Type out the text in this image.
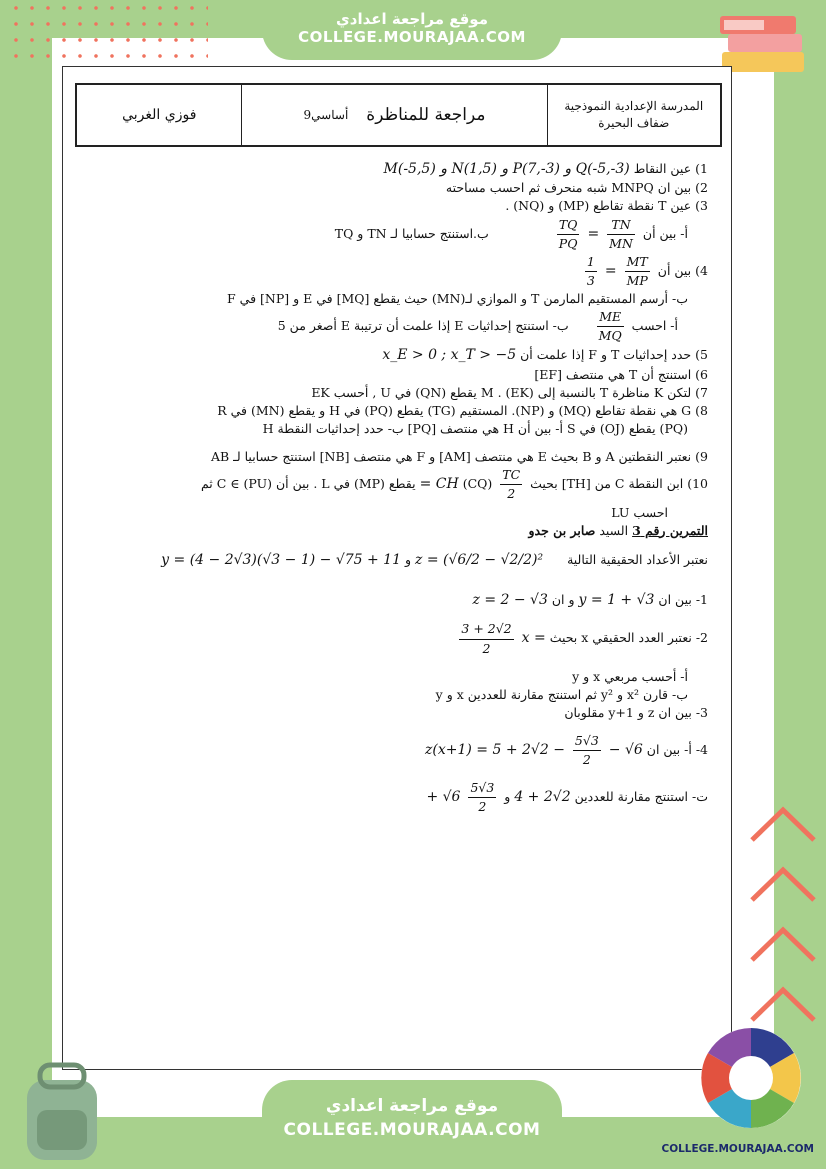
موقع مراجعة اعدادي
COLLEGE.MOURAJAA.COM
فوزي الغربي	9أساسي مراجعة للمناظرة	المدرسة الإعدادية النموذجية
ضفاف البحيرة
1) عين النقاط M(-5,5) و N(1,5) و P(7,-3) و Q(-5,-3)
2) بين ان MNPQ شبه منحرف ثم احسب مساحته
3) عين T نقطة تقاطع (MP) و (NQ) .
أ- بين أن
$\frac{TN}{MN}$
=
$\frac{TQ}{PQ}$
ب.استنتج حسابيا لـ TN و TQ
4) بين أن
$\frac{MT}{MP}$
=
$\frac{1}{3}$
ب- أرسم المستقيم المارمن T و الموازي لـ(MN) حيث يقطع [MQ] في E و [NP] في F
أ- احسب
$\frac{ME}{MQ}$
ب- استنتج إحداثيات E إذا علمت أن ترتيبة E أصغر من 5
5) حدد إحداثيات T و F إذا علمت أن x_E > 0 ; x_T > −5
6) استنتج أن T هي منتصف [EF]
7) لتكن K مناظرة T بالنسبة إلى M . (EK) يقطع (QN) في U , أحسب EK
8) G هي نقطة تقاطع (MQ) و (NP). المستقيم (TG) يقطع (PQ) في H و يقطع (MN) في R
(PQ) يقطع (OJ) في S أ- بين أن H هي منتصف [PQ] ب- حدد إحداثيات النقطة H
9) نعتبر النقطتين A و B بحيث E هي منتصف [AM] و F هي منتصف [NB] استنتج حسابيا لـ AB
10) ابن النقطة C من [TH] بحيث
$\frac{TC}{2}$
= CH (CQ) يقطع (MP) في L . بين أن C ∈ (PU) ثم
احسب LU
التمرين رقم 3 السيد صابر بن جدو
نعتبر الأعداد الحقيقية التالية z = (√6/2 − √2/2)² و y = (4 − 2√3)(√3 − 1) − √75 + 11
1- بين ان y = 1 + √3 و ان z = 2 − √3
2- نعتبر العدد الحقيقي x بحيث x =
$\frac{3 + 2√2}{2}$
أ- أحسب مربعي x و y
ب- قارن x² و y² ثم استنتج مقارنة للعددين x و y
3- بين ان z و y+1 مقلوبان
4- أ- بين ان $z(x+1) = 5 + 2√2 - \frac{5√3}{2} - √6$
ت- استنتج مقارنة للعددين 4 + 2√2 و
$\frac{5√3}{2}$
+ √6
موقع مراجعة اعدادي
COLLEGE.MOURAJAA.COM
COLLEGE.MOURAJAA.COM
